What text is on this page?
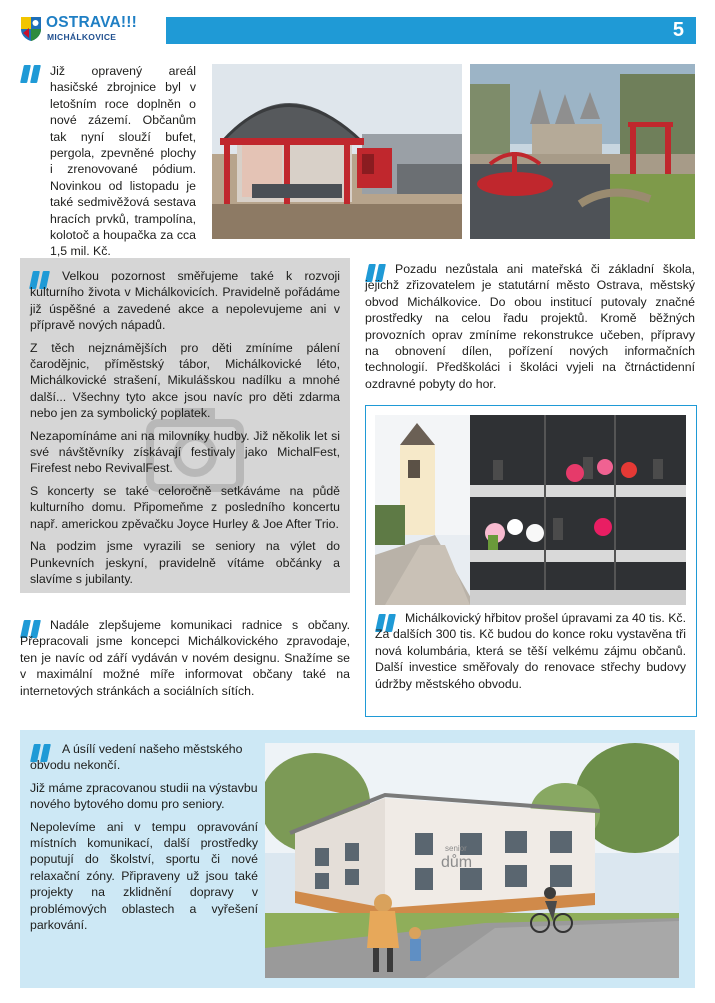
OSTRAVA!!!
MICHÁLKOVICE	5

Již opravený areál hasičské zbrojnice byl v letošním roce doplněn o nové zázemí. Občanům tak nyní slouží bufet, pergola, zpevněné plochy i zrenovované pódium. Novinkou od listopadu je také sedmivěžová sestava hracích prvků, trampolína, kolotoč a houpačka za cca 1,5 mil. Kč.

Velkou pozornost směřujeme také k rozvoji kulturního života v Michálkovicích. Pravidelně pořádáme již úspěšné a zavedené akce a nepolevujeme ani v přípravě nových nápadů.

Z těch nejznámějších pro děti zmíníme pálení čarodějnic, příměstský tábor, Michálkovické léto, Michálkovické strašení, Mikulášskou nadílku a mnohé další... Všechny tyto akce jsou navíc pro děti zdarma nebo jen za symbolický poplatek.

Nezapomínáme ani na milovníky hudby. Již několik let si své návštěvníky získávají festivaly jako MichalFest, Firefest nebo RevivalFest.

S koncerty se také celoročně setkáváme na půdě kulturního domu. Připomeňme z posledního koncertu např. americkou zpěvačku Joyce Hurley & Joe After Trio.

Na podzim jsme vyrazili se seniory na výlet do Punkevních jeskyní, pravidelně vítáme občánky a slavíme s jubilanty.

Pozadu nezůstala ani mateřská či základní škola, jejichž zřizovatelem je statutární město Ostrava, městský obvod Michálkovice. Do obou institucí putovaly značné prostředky na celou řadu projektů. Kromě běžných provozních oprav zmíníme rekonstrukce učeben, přípravy na obnovení dílen, pořízení nových informačních technologií. Předškoláci i školáci vyjeli na čtrnáctidenní ozdravné pobyty do hor.

Michálkovický hřbitov prošel úpravami za 40 tis. Kč. Za dalších 300 tis. Kč budou do konce roku vystavěna tři nová kolumbária, která se těší velkému zájmu občanů. Další investice směřovaly do renovace střechy budovy údržby městského obvodu.

Nadále zlepšujeme komunikaci radnice s občany. Přepracovali jsme koncepci Michálkovického zpravodaje, ten je navíc od září vydáván v novém designu. Snažíme se v maximální možné míře informovat občany také na internetových stránkách a sociálních sítích.

A úsílí vedení našeho městského obvodu nekončí.

Již máme zpracovanou studii na výstavbu nového bytového domu pro seniory.

Nepolevíme ani v tempu opravování místních komunikací, další prostředky poputují do školství, sportu či nové relaxační zóny. Připraveny už jsou také projekty na zklidnění dopravy v problémových oblastech a vyřešení parkování.

senior
dům
